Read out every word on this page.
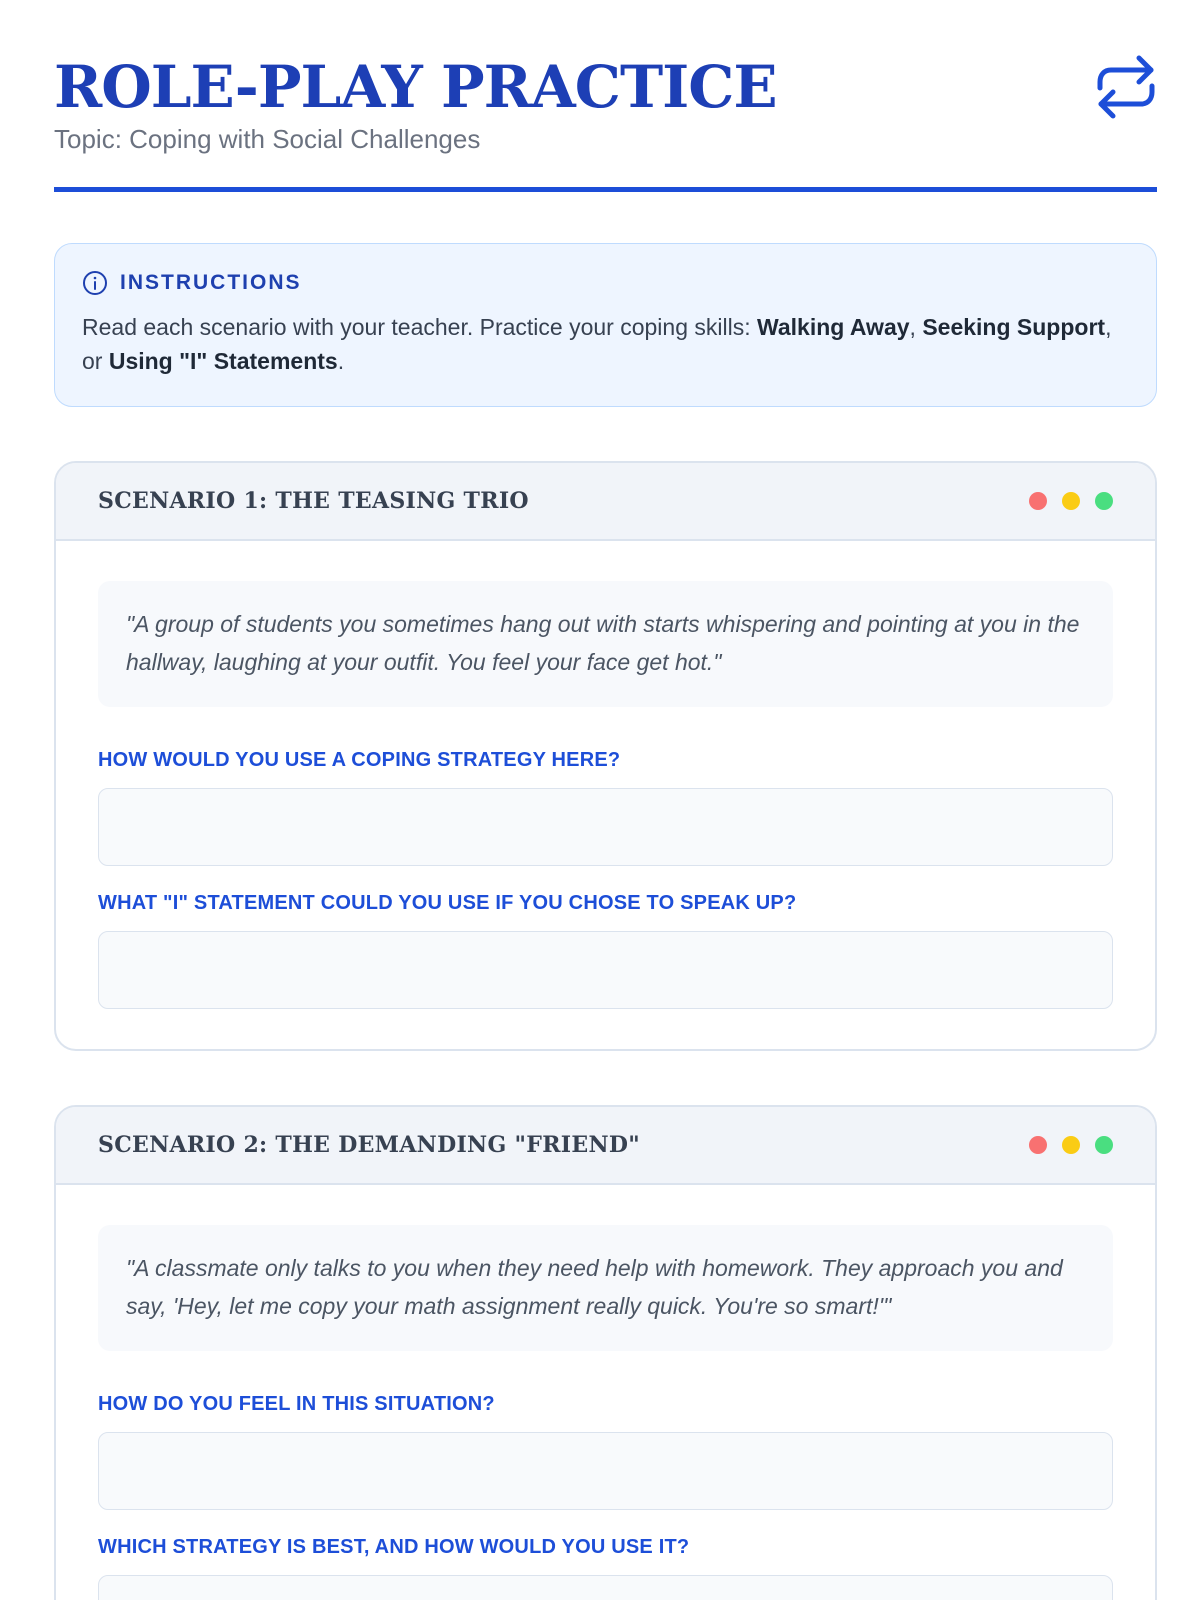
ROLE-PLAY PRACTICE
Topic: Coping with Social Challenges
INSTRUCTIONS

Read each scenario with your teacher. Practice your coping skills: Walking Away, Seeking Support, or Using "I" Statements.

SCENARIO 1: THE TEASING TRIO
"A group of students you sometimes hang out with starts whispering and pointing at you in the hallway, laughing at your outfit. You feel your face get hot."
HOW WOULD YOU USE A COPING STRATEGY HERE?
WHAT "I" STATEMENT COULD YOU USE IF YOU CHOSE TO SPEAK UP?
SCENARIO 2: THE DEMANDING "FRIEND"
"A classmate only talks to you when they need help with homework. They approach you and say, 'Hey, let me copy your math assignment really quick. You're so smart!'"
HOW DO YOU FEEL IN THIS SITUATION?
WHICH STRATEGY IS BEST, AND HOW WOULD YOU USE IT?
